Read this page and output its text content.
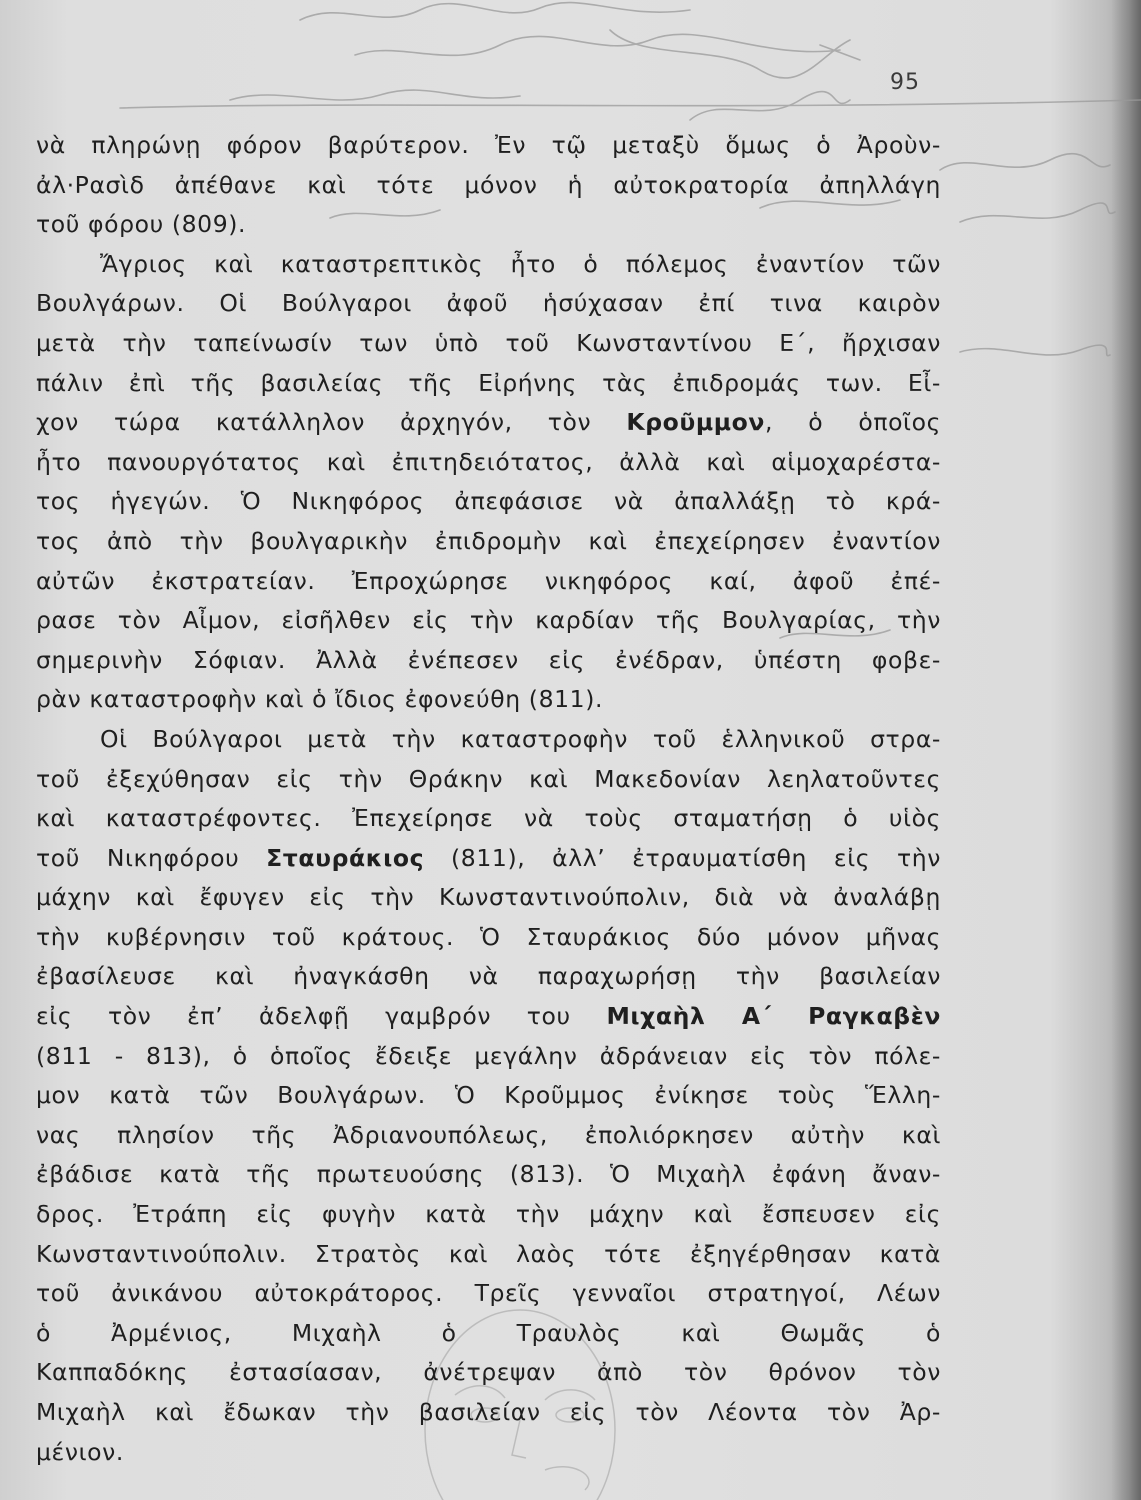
95
νὰ πληρώνῃ φόρον βαρύτερον. Ἐν τῷ μεταξὺ ὅμως ὁ Ἀροὺν-
ἀλ·Ρασὶδ ἀπέθανε καὶ τότε μόνον ἡ αὐτοκρατορία ἀπηλλάγη
τοῦ φόρου (809).
Ἄγριος καὶ καταστρεπτικὸς ἦτο ὁ πόλεμος ἐναντίον τῶν
Βουλγάρων. Οἱ Βούλγαροι ἀφοῦ ἡσύχασαν ἐπί τινα καιρὸν
μετὰ τὴν ταπείνωσίν των ὑπὸ τοῦ Κωνσταντίνου Ε΄, ἤρχισαν
πάλιν ἐπὶ τῆς βασιλείας τῆς Εἰρήνης τὰς ἐπιδρομάς των. Εἶ-
χον τώρα κατάλληλον ἀρχηγόν, τὸν Κροῦμμον, ὁ ὁποῖος
ἦτο πανουργότατος καὶ ἐπιτηδειότατος, ἀλλὰ καὶ αἱμοχαρέστα-
τος ἡγεγών. Ὁ Νικηφόρος ἀπεφάσισε νὰ ἀπαλλάξῃ τὸ κρά-
τος ἀπὸ τὴν βουλγαρικὴν ἐπιδρομὴν καὶ ἐπεχείρησεν ἐναντίον
αὐτῶν ἐκστρατείαν. Ἐπροχώρησε νικηφόρος καί, ἀφοῦ ἐπέ-
ρασε τὸν Αἶμον, εἰσῆλθεν εἰς τὴν καρδίαν τῆς Βουλγαρίας, τὴν
σημερινὴν Σόφιαν. Ἀλλὰ ἐνέπεσεν εἰς ἐνέδραν, ὑπέστη φοβε-
ρὰν καταστροφὴν καὶ ὁ ἴδιος ἐφονεύθη (811).
Οἱ Βούλγαροι μετὰ τὴν καταστροφὴν τοῦ ἑλληνικοῦ στρα-
τοῦ ἐξεχύθησαν εἰς τὴν Θράκην καὶ Μακεδονίαν λεηλατοῦντες
καὶ καταστρέφοντες. Ἐπεχείρησε νὰ τοὺς σταματήσῃ ὁ υἱὸς
τοῦ Νικηφόρου Σταυράκιος (811), ἀλλ’ ἐτραυματίσθη εἰς τὴν
μάχην καὶ ἔφυγεν εἰς τὴν Κωνσταντινούπολιν, διὰ νὰ ἀναλάβῃ
τὴν κυβέρνησιν τοῦ κράτους. Ὁ Σταυράκιος δύο μόνον μῆνας
ἐβασίλευσε καὶ ἠναγκάσθη νὰ παραχωρήσῃ τὴν βασιλείαν
εἰς τὸν ἐπ’ ἀδελφῇ γαμβρόν του Μιχαὴλ Α΄ Ραγκαβὲν
(811 - 813), ὁ ὁποῖος ἔδειξε μεγάλην ἀδράνειαν εἰς τὸν πόλε-
μον κατὰ τῶν Βουλγάρων. Ὁ Κροῦμμος ἐνίκησε τοὺς Ἕλλη-
νας πλησίον τῆς Ἀδριανουπόλεως, ἐπολιόρκησεν αὐτὴν καὶ
ἐβάδισε κατὰ τῆς πρωτευούσης (813). Ὁ Μιχαὴλ ἐφάνη ἄναν-
δρος. Ἐτράπη εἰς φυγὴν κατὰ τὴν μάχην καὶ ἔσπευσεν εἰς
Κωνσταντινούπολιν. Στρατὸς καὶ λαὸς τότε ἐξηγέρθησαν κατὰ
τοῦ ἀνικάνου αὐτοκράτορος. Τρεῖς γενναῖοι στρατηγοί, Λέων
ὁ Ἀρμένιος, Μιχαὴλ ὁ Τραυλὸς καὶ Θωμᾶς ὁ
Καππαδόκης ἐστασίασαν, ἀνέτρεψαν ἀπὸ τὸν θρόνον τὸν
Μιχαὴλ καὶ ἔδωκαν τὴν βασιλείαν εἰς τὸν Λέοντα τὸν Ἀρ-
μένιον.
